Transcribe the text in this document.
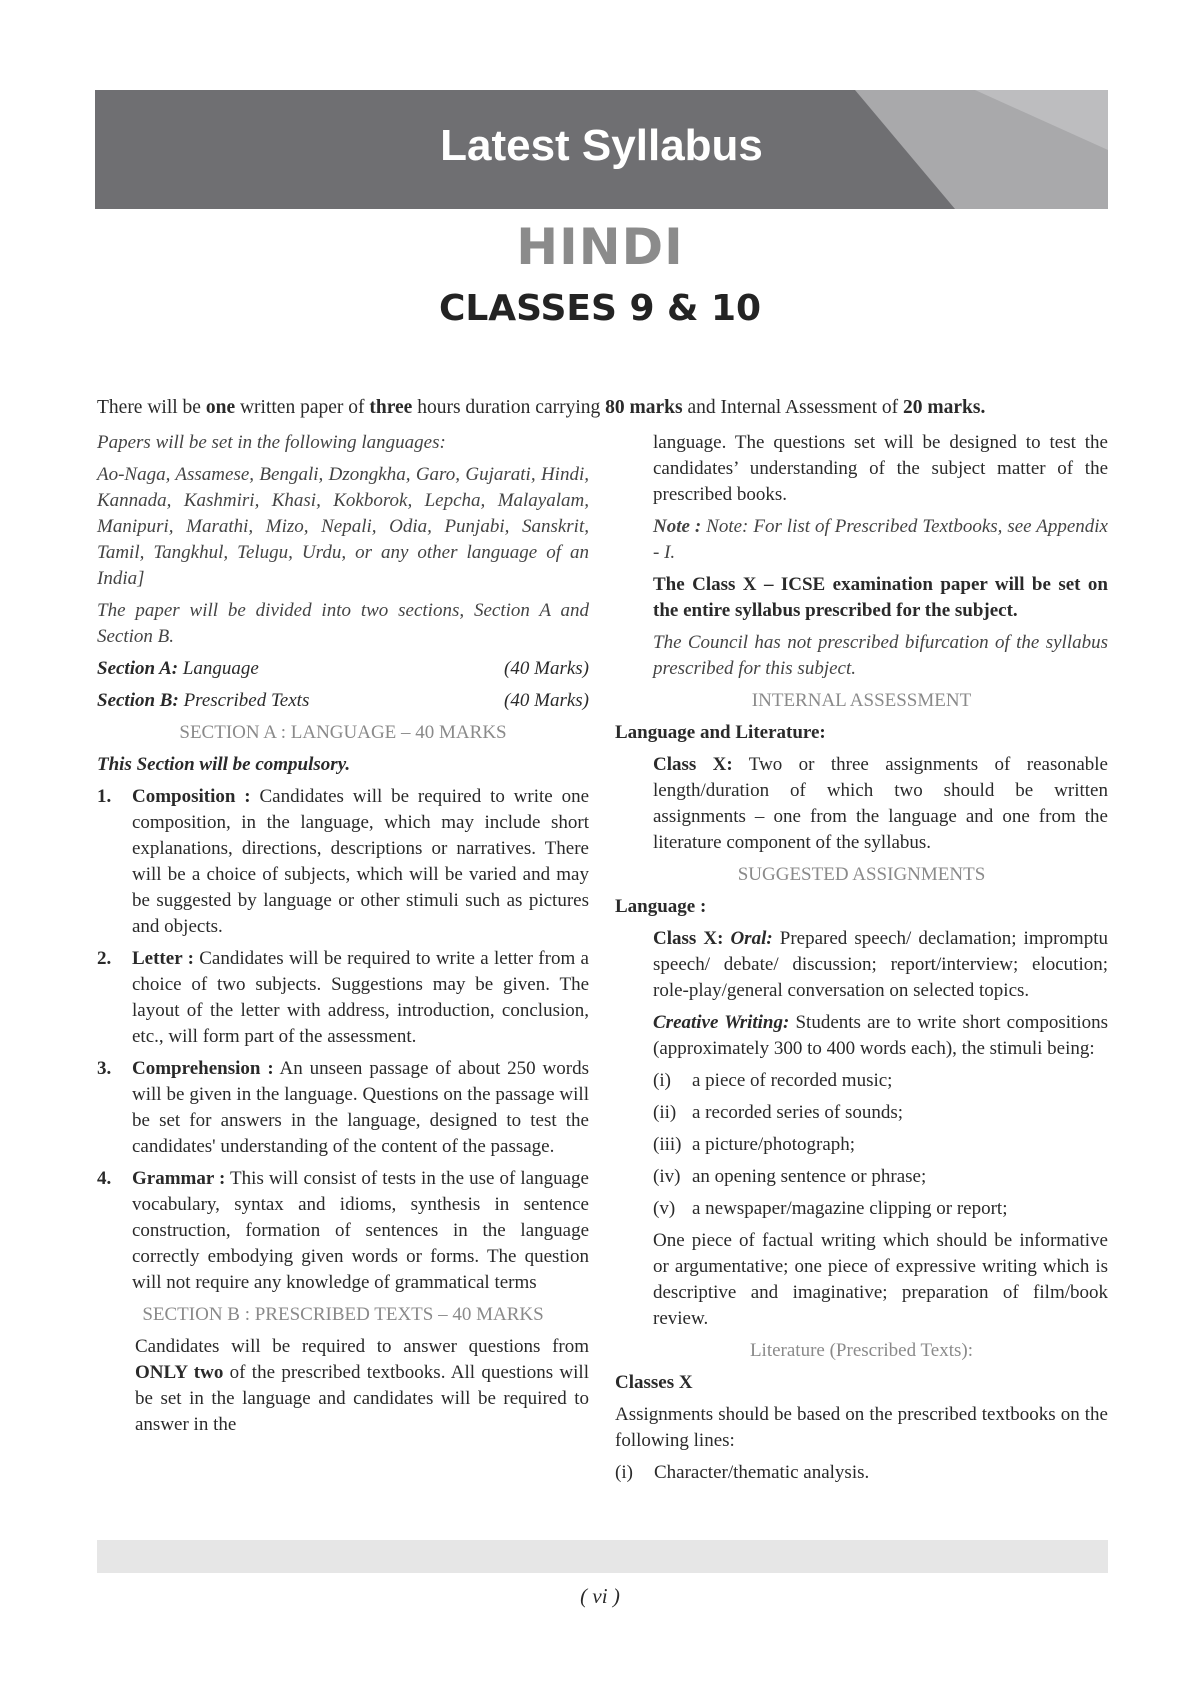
Latest Syllabus
HINDI
CLASSES 9 & 10
There will be one written paper of three hours duration carrying 80 marks and Internal Assessment of 20 marks.

Papers will be set in the following languages:

Ao-Naga, Assamese, Bengali, Dzongkha, Garo, Gujarati, Hindi, Kannada, Kashmiri, Khasi, Kokborok, Lepcha, Malayalam, Manipuri, Marathi, Mizo, Nepali, Odia, Punjabi, Sanskrit, Tamil, Tangkhul, Telugu, Urdu, or any other language of an India]

The paper will be divided into two sections, Section A and Section B.

Section A: Language	(40 Marks)
Section B: Prescribed Texts	(40 Marks)

SECTION A : LANGUAGE – 40 MARKS

This Section will be compulsory.

1.	Composition : Candidates will be required to write one composition, in the language, which may include short explanations, directions, descriptions or narratives. There will be a choice of subjects, which will be varied and may be suggested by language or other stimuli such as pictures and objects.
2.	Letter : Candidates will be required to write a letter from a choice of two subjects. Suggestions may be given. The layout of the letter with address, introduction, conclusion, etc., will form part of the assessment.
3.	Comprehension : An unseen passage of about 250 words will be given in the language. Questions on the passage will be set for answers in the language, designed to test the candidates' understanding of the content of the passage.
4.	Grammar : This will consist of tests in the use of language vocabulary, syntax and idioms, synthesis in sentence construction, formation of sentences in the language correctly embodying given words or forms. The question will not require any knowledge of grammatical terms

SECTION B : PRESCRIBED TEXTS – 40 MARKS

Candidates will be required to answer questions from ONLY two of the prescribed textbooks. All questions will be set in the language and candidates will be required to answer in the

language. The questions set will be designed to test the candidates’ understanding of the subject matter of the prescribed books.

Note : Note: For list of Prescribed Textbooks, see Appendix - I.

The Class X – ICSE examination paper will be set on the entire syllabus prescribed for the subject.

The Council has not prescribed bifurcation of the syllabus prescribed for this subject.

INTERNAL ASSESSMENT

Language and Literature:

Class X: Two or three assignments of reasonable length/duration of which two should be written assignments – one from the language and one from the literature component of the syllabus.

SUGGESTED ASSIGNMENTS

Language :

Class X: Oral: Prepared speech/ declamation; impromptu speech/ debate/ discussion; report/interview; elocution; role-play/general conversation on selected topics.

Creative Writing: Students are to write short compositions (approximately 300 to 400 words each), the stimuli being:

(i)	a piece of recorded music;
(ii) a recorded series of sounds;
(iii) a picture/photograph;
(iv) an opening sentence or phrase;
(v) a newspaper/magazine clipping or report;

One piece of factual writing which should be informative or argumentative; one piece of expressive writing which is descriptive and imaginative; preparation of film/book review.

Literature (Prescribed Texts):

Classes X

Assignments should be based on the prescribed textbooks on the following lines:

(i)	Character/thematic analysis.
( vi )
